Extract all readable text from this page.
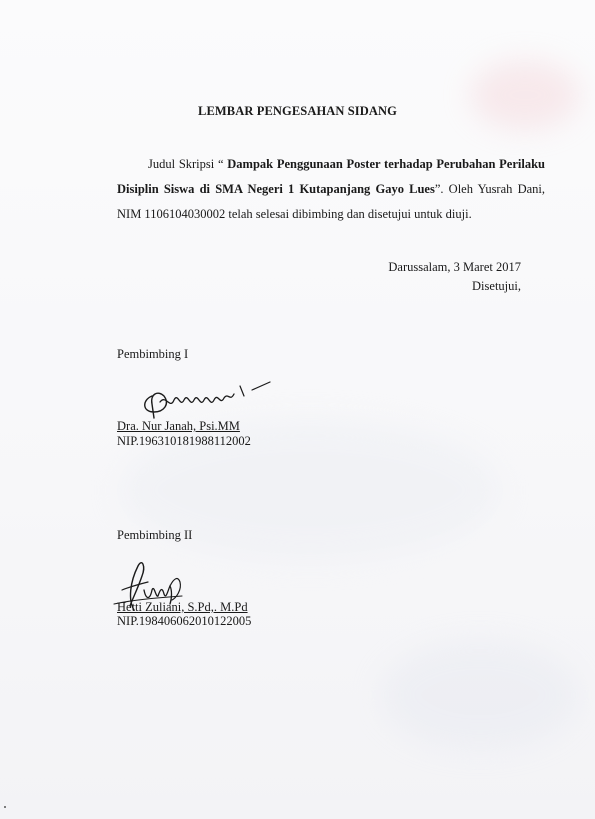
LEMBAR PENGESAHAN SIDANG
Judul Skripsi “ Dampak Penggunaan Poster terhadap Perubahan Perilaku Disiplin Siswa di SMA Negeri 1 Kutapanjang Gayo Lues”. Oleh Yusrah Dani, NIM 1106104030002 telah selesai dibimbing dan disetujui untuk diuji.
Darussalam, 3 Maret 2017
Disetujui,
Pembimbing I
Dra. Nur Janah, Psi.MM
NIP.196310181988112002
Pembimbing II
Hetti Zuliani, S.Pd,. M.Pd
NIP.198406062010122005
